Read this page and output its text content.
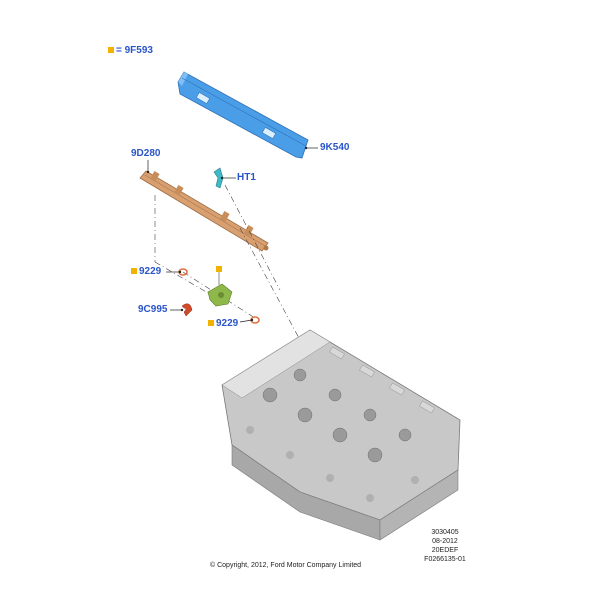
= 9F593
9K540
9D280
HT1
9229
9C995
9229
3030405
08-2012
20EDEF
F0266135-01
© Copyright, 2012, Ford Motor Company Limited
